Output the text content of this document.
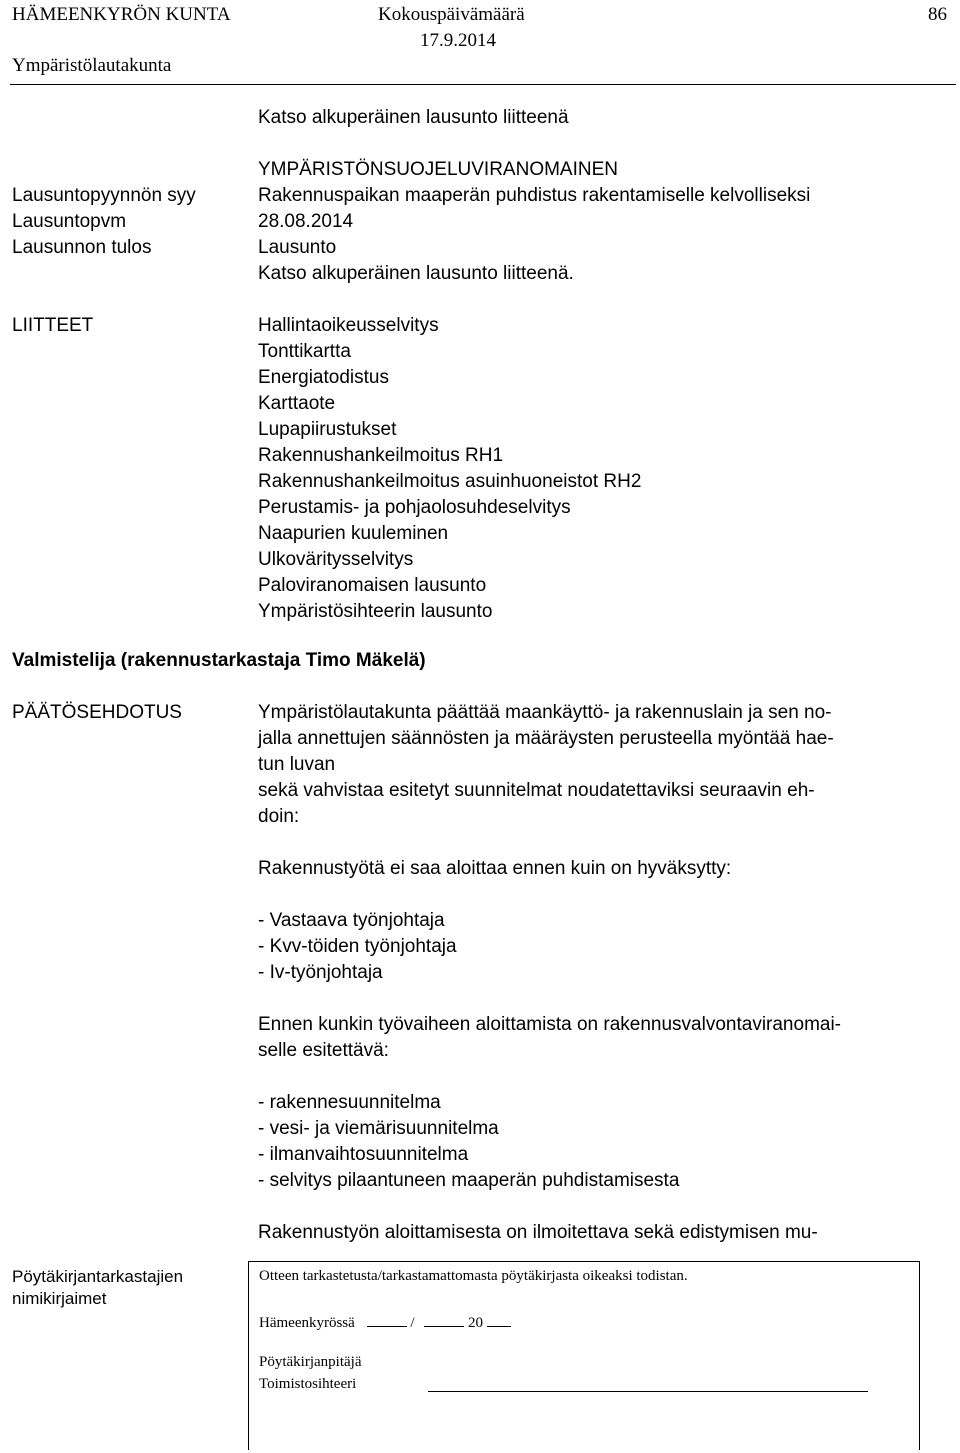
HÄMEENKYRÖN KUNTA	Kokouspäivämäärä	86
Ympäristölautakunta
17.9.2014
Katso alkuperäinen lausunto liitteenä
YMPÄRISTÖNSUOJELUVIRANOMAINEN
Lausuntopyynnön syy	Rakennuspaikan maaperän puhdistus rakentamiselle kelvolliseksi
Lausuntopvm	28.08.2014
Lausunnon tulos	Lausunto
Katso alkuperäinen lausunto liitteenä.
LIITTEET	Hallintaoikeusselvitys
Tonttikartta
Energiatodistus
Karttaote
Lupapiirustukset
Rakennushankeilmoitus RH1
Rakennushankeilmoitus asuinhuoneistot RH2
Perustamis- ja pohjaolosuhdeselvitys
Naapurien kuuleminen
Ulkoväritysselvitys
Paloviranomaisen lausunto
Ympäristösihteerin lausunto
Valmistelija (rakennustarkastaja Timo Mäkelä)
PÄÄTÖSEHDOTUS	Ympäristölautakunta päättää maankäyttö- ja rakennuslain ja sen no-
jalla annettujen säännösten ja määräysten perusteella myöntää hae-
tun luvan
sekä vahvistaa esitetyt suunnitelmat noudatettaviksi seuraavin eh-
doin:
Rakennustyötä ei saa aloittaa ennen kuin on hyväksytty:
- Vastaava työnjohtaja
- Kvv-töiden työnjohtaja
- Iv-työnjohtaja
Ennen kunkin työvaiheen aloittamista on rakennusvalvontaviranomai-
selle esitettävä:
- rakennesuunnitelma
- vesi- ja viemärisuunnitelma
- ilmanvaihtosuunnitelma
- selvitys pilaantuneen maaperän puhdistamisesta
Rakennustyön aloittamisesta on ilmoitettava sekä edistymisen mu-
Pöytäkirjantarkastajien
nimikirjaimet
Otteen tarkastetusta/tarkastamattomasta pöytäkirjasta oikeaksi todistan.
Hämeenkyrössä	/	20
Pöytäkirjanpitäjä
Toimistosihteeri
